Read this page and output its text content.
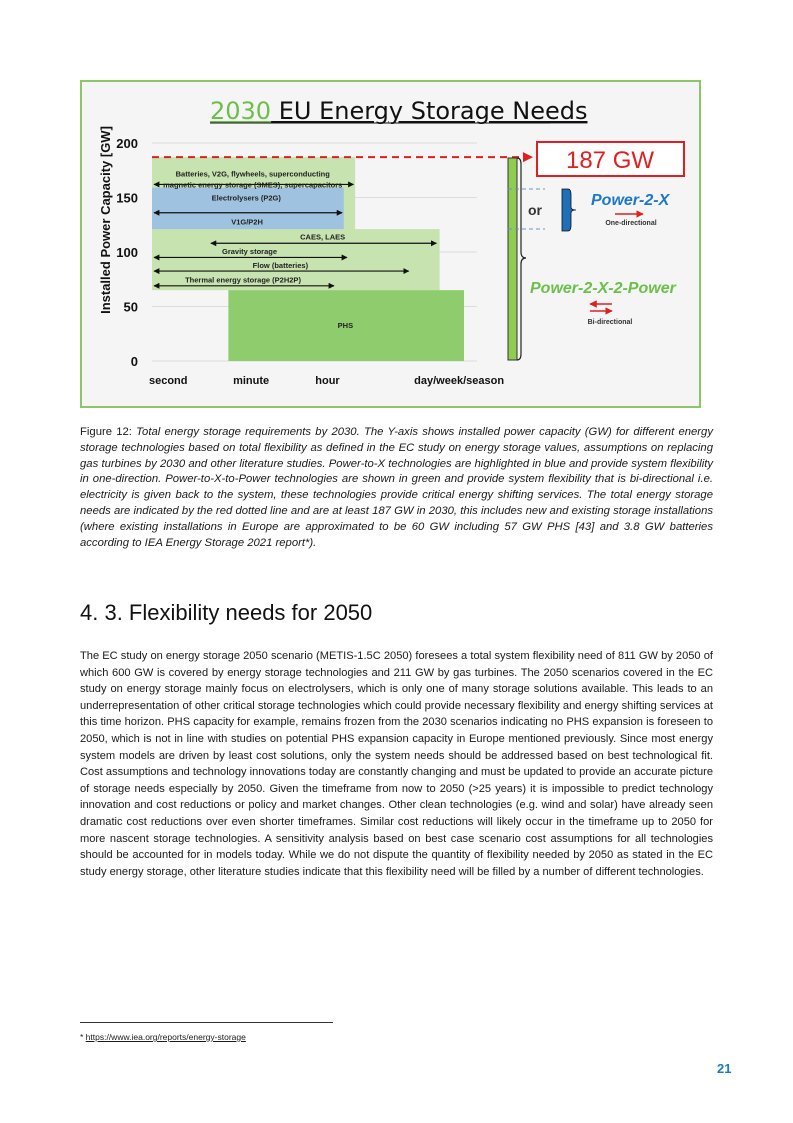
2030 EU Energy Storage Needs
Batteries, V2G, flywheels, superconducting
magnetic energy storage (SMES), supercapacitors
Electrolysers (P2G)
V1G/P2H
CAES, LAES
Gravity storage
Flow (batteries)
Thermal energy storage (P2H2P)
PHS
0
50
100
150
200
second	minute	hour	day/week/season
Installed Power Capacity [GW]	187 GW
or
Power-2-X
One-directional
Power-2-X-2-Power
Bi-directional
Figure 12: Total energy storage requirements by 2030. The Y-axis shows installed power capacity (GW) for different energy storage technologies based on total flexibility as defined in the EC study on energy storage values, assumptions on replacing gas turbines by 2030 and other literature studies. Power-to-X technologies are highlighted in blue and provide system flexibility in one-direction. Power-to-X-to-Power technologies are shown in green and provide system flexibility that is bi-directional i.e. electricity is given back to the system, these technologies provide critical energy shifting services. The total energy storage needs are indicated by the red dotted line and are at least 187 GW in 2030, this includes new and existing storage installations (where existing installations in Europe are approximated to be 60 GW including 57 GW PHS [43] and 3.8 GW batteries according to IEA Energy Storage 2021 report*).
4. 3. Flexibility needs for 2050

The EC study on energy storage 2050 scenario (METIS-1.5C 2050) foresees a total system flexibility need of 811 GW by 2050 of which 600 GW is covered by energy storage technologies and 211 GW by gas turbines. The 2050 scenarios covered in the EC study on energy storage mainly focus on electrolysers, which is only one of many storage solutions available. This leads to an underrepresentation of other critical storage technologies which could provide necessary flexibility and energy shifting services at this time horizon. PHS capacity for example, remains frozen from the 2030 scenarios indicating no PHS expansion is foreseen to 2050, which is not in line with studies on potential PHS expansion capacity in Europe mentioned previously. Since most energy system models are driven by least cost solutions, only the system needs should be addressed based on best technological fit. Cost assumptions and technology innovations today are constantly changing and must be updated to provide an accurate picture of storage needs especially by 2050. Given the timeframe from now to 2050 (>25 years) it is impossible to predict technology innovation and cost reductions or policy and market changes. Other clean technologies (e.g. wind and solar) have already seen dramatic cost reductions over even shorter timeframes. Similar cost reductions will likely occur in the timeframe up to 2050 for more nascent storage technologies. A sensitivity analysis based on best case scenario cost assumptions for all technologies should be accounted for in models today. While we do not dispute the quantity of flexibility needed by 2050 as stated in the EC study energy storage, other literature studies indicate that this flexibility need will be filled by a number of different technologies.

* https://www.iea.org/reports/energy-storage
21
